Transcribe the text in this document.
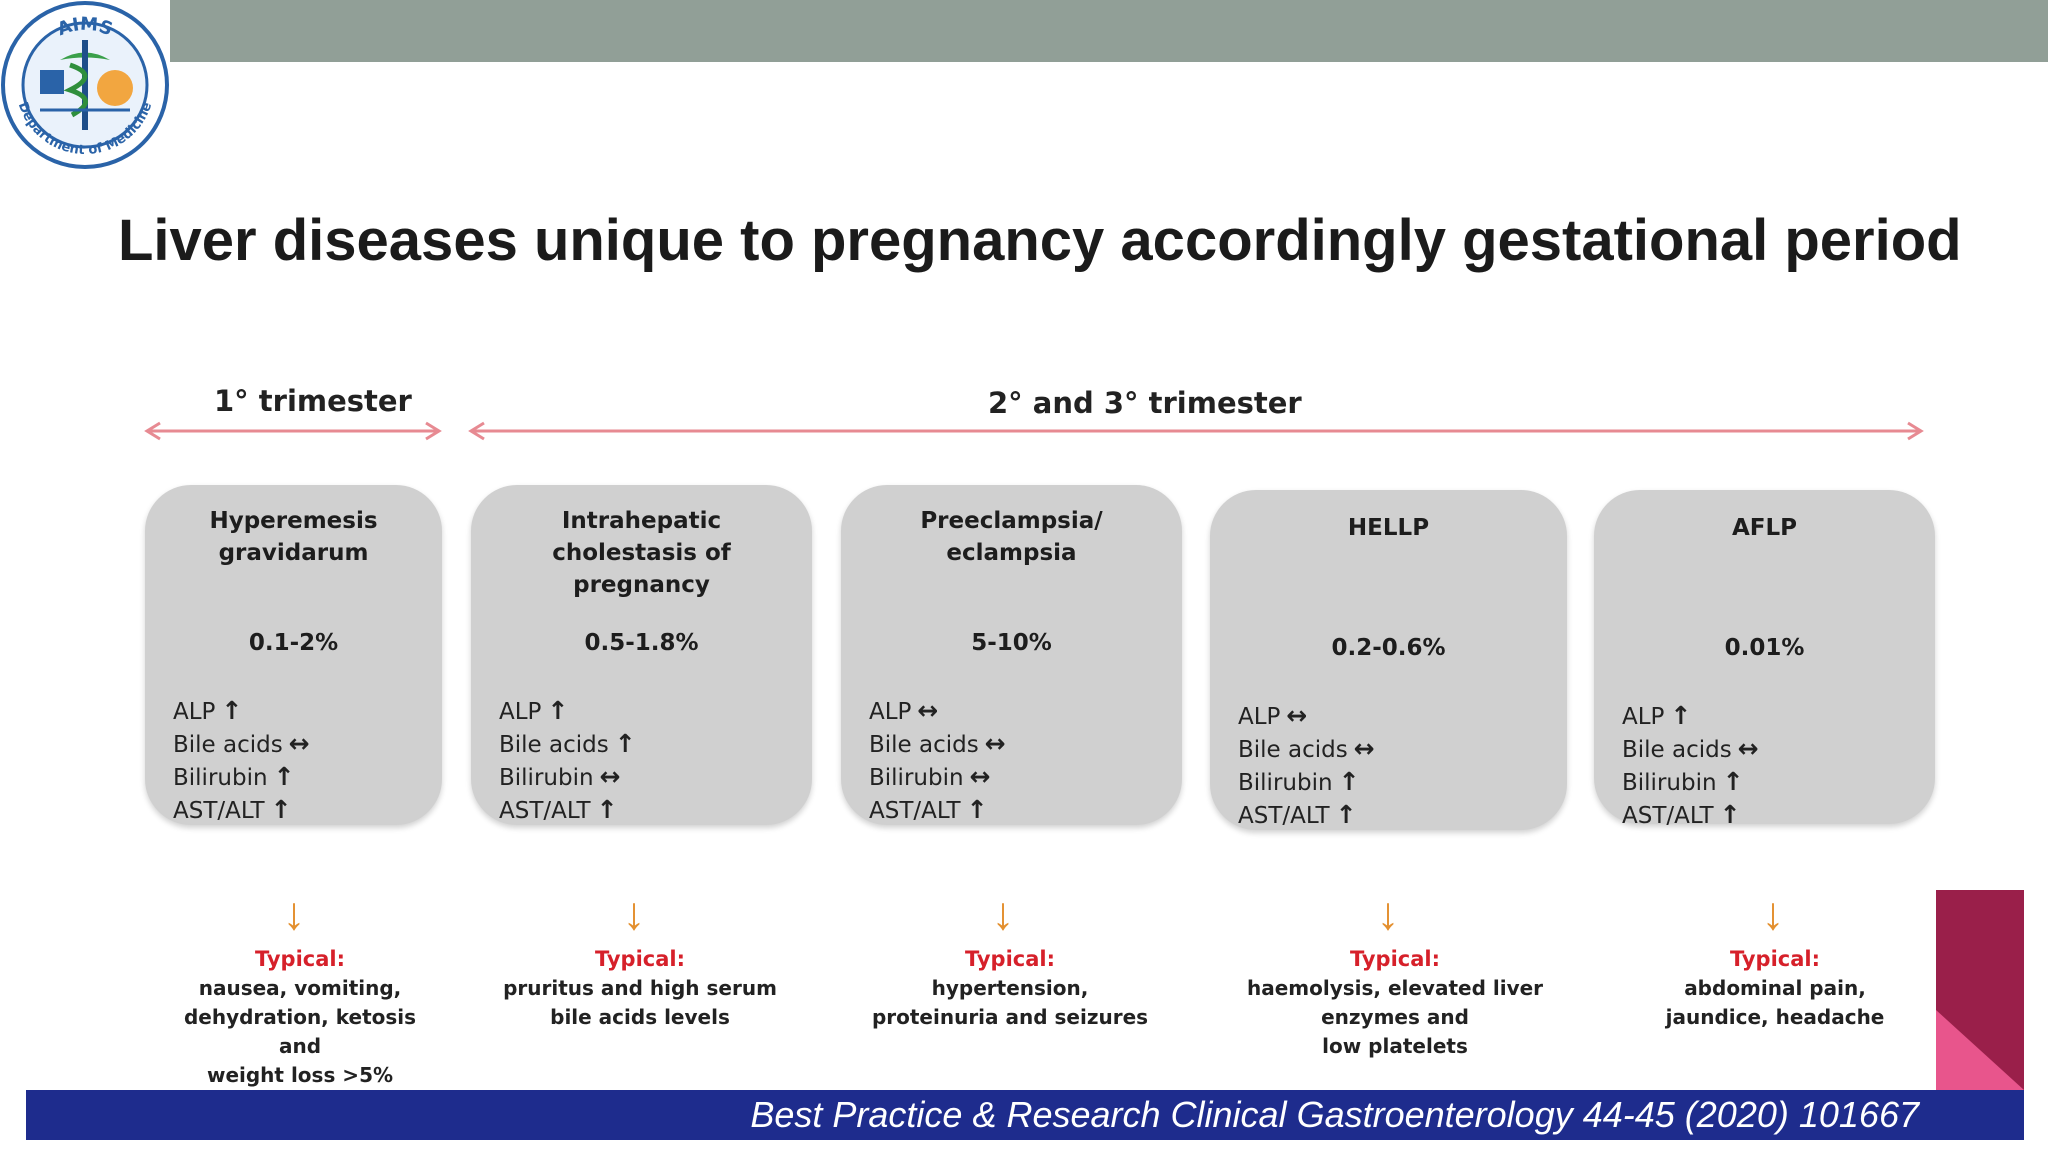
AIMS
Department of Medicine
Liver diseases unique to pregnancy accordingly gestational period
1° trimester	2° and 3° trimester
Hyperemesis
gravidarum
0.1-2%
ALP ↑
Bile acids ↔
Bilirubin ↑
AST/ALT ↑
Intrahepatic
cholestasis of
pregnancy
0.5-1.8%
ALP ↑
Bile acids ↑
Bilirubin ↔
AST/ALT ↑
Preeclampsia/
eclampsia
5-10%
ALP ↔
Bile acids ↔
Bilirubin ↔
AST/ALT ↑
HELLP
0.2-0.6%
ALP ↔
Bile acids ↔
Bilirubin ↑
AST/ALT ↑
AFLP
0.01%
ALP ↑
Bile acids ↔
Bilirubin ↑
AST/ALT ↑
↓	↓	↓	↓	↓
Typical:
nausea, vomiting,
dehydration, ketosis
and
weight loss >5%
Typical:
pruritus and high serum
bile acids levels
Typical:
hypertension,
proteinuria and seizures
Typical:
haemolysis, elevated liver
enzymes and
low platelets
Typical:
abdominal pain,
jaundice, headache
Best Practice & Research Clinical Gastroenterology 44-45 (2020) 101667
